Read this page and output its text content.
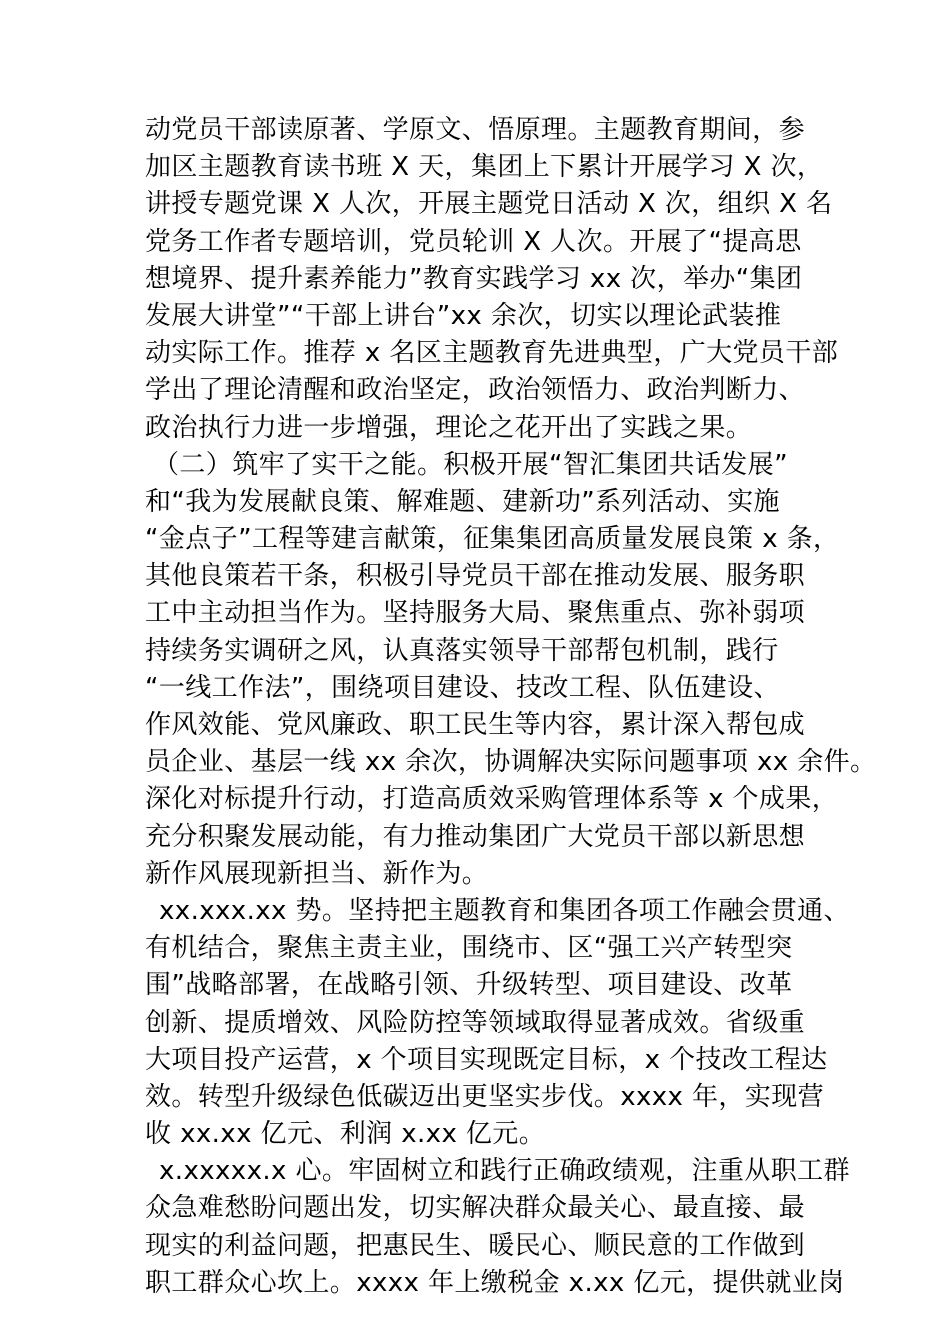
动党员干部读原著、学原文、悟原理。主题教育期间，参
加区主题教育读书班 X 天，集团上下累计开展学习 X 次，
讲授专题党课 X 人次，开展主题党日活动 X 次，组织 X 名
党务工作者专题培训，党员轮训 X 人次。开展了“提高思
想境界、提升素养能力”教育实践学习 xx 次，举办“集团
发展大讲堂”“干部上讲台”xx 余次，切实以理论武装推
动实际工作。推荐 x 名区主题教育先进典型，广大党员干部
学出了理论清醒和政治坚定，政治领悟力、政治判断力、
政治执行力进一步增强，理论之花开出了实践之果。
（二）筑牢了实干之能。积极开展“智汇集团共话发展”
和“我为发展献良策、解难题、建新功”系列活动、实施
“金点子”工程等建言献策，征集集团高质量发展良策 x 条，
其他良策若干条，积极引导党员干部在推动发展、服务职
工中主动担当作为。坚持服务大局、聚焦重点、弥补弱项
持续务实调研之风，认真落实领导干部帮包机制，践行
“一线工作法”，围绕项目建设、技改工程、队伍建设、
作风效能、党风廉政、职工民生等内容，累计深入帮包成
员企业、基层一线 xx 余次，协调解决实际问题事项 xx 余件。
深化对标提升行动，打造高质效采购管理体系等 x 个成果，
充分积聚发展动能，有力推动集团广大党员干部以新思想
新作风展现新担当、新作为。
xx.xxx.xx 势。坚持把主题教育和集团各项工作融会贯通、
有机结合，聚焦主责主业，围绕市、区“强工兴产转型突
围”战略部署，在战略引领、升级转型、项目建设、改革
创新、提质增效、风险防控等领域取得显著成效。省级重
大项目投产运营，x 个项目实现既定目标，x 个技改工程达
效。转型升级绿色低碳迈出更坚实步伐。xxxx 年，实现营
收 xx.xx 亿元、利润 x.xx 亿元。
x.xxxxx.x 心。牢固树立和践行正确政绩观，注重从职工群
众急难愁盼问题出发，切实解决群众最关心、最直接、最
现实的利益问题，把惠民生、暖民心、顺民意的工作做到
职工群众心坎上。xxxx 年上缴税金 x.xx 亿元，提供就业岗
